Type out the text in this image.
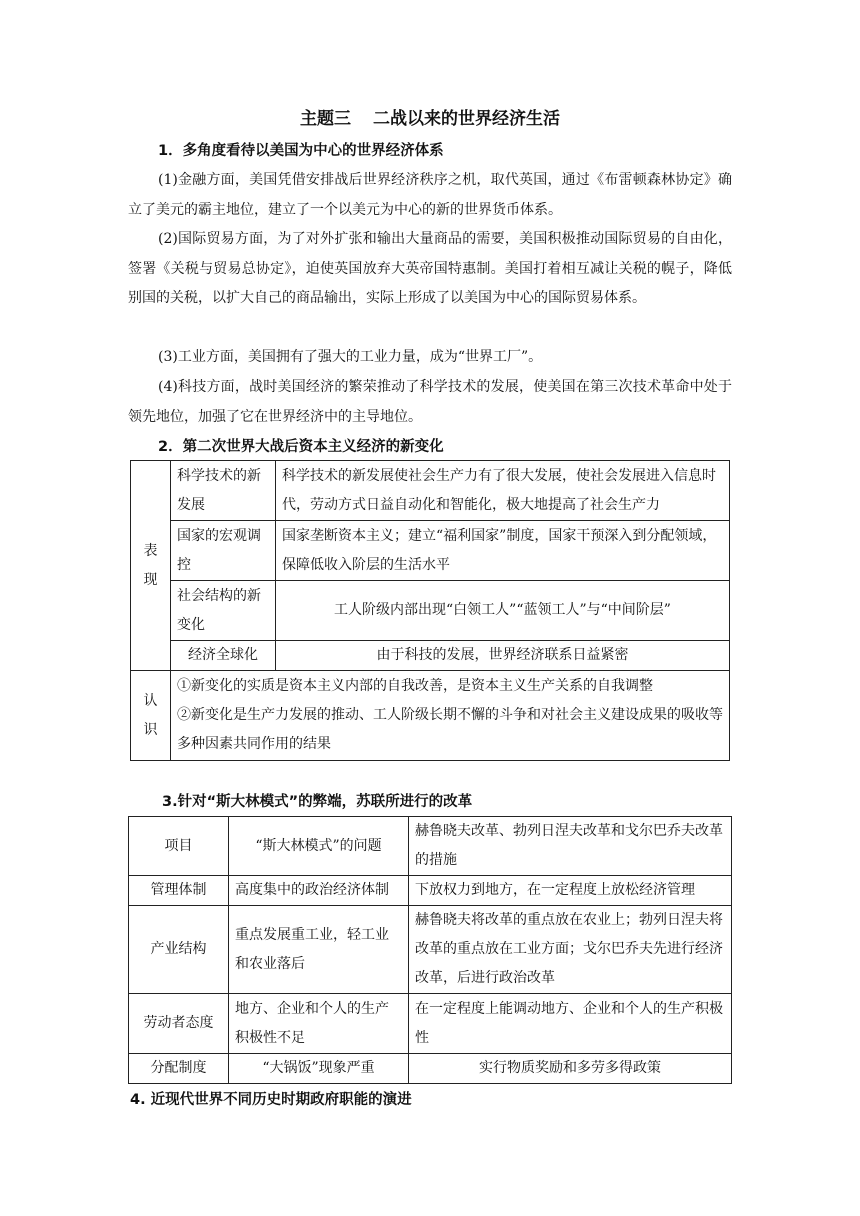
主题三 二战以来的世界经济生活
1．多角度看待以美国为中心的世界经济体系

(1)金融方面，美国凭借安排战后世界经济秩序之机，取代英国，通过《布雷顿森林协定》确立了美元的霸主地位，建立了一个以美元为中心的新的世界货币体系。

(2)国际贸易方面，为了对外扩张和输出大量商品的需要，美国积极推动国际贸易的自由化，签署《关税与贸易总协定》，迫使英国放弃大英帝国特惠制。美国打着相互减让关税的幌子，降低别国的关税，以扩大自己的商品输出，实际上形成了以美国为中心的国际贸易体系。

(3)工业方面，美国拥有了强大的工业力量，成为“世界工厂”。

(4)科技方面，战时美国经济的繁荣推动了科学技术的发展，使美国在第三次技术革命中处于领先地位，加强了它在世界经济中的主导地位。

2．第二次世界大战后资本主义经济的新变化
表现	科学技术的新发展	科学技术的新发展使社会生产力有了很大发展，使社会发展进入信息时代，劳动方式日益自动化和智能化，极大地提高了社会生产力
	国家的宏观调控	国家垄断资本主义；建立“福利国家”制度，国家干预深入到分配领域，保障低收入阶层的生活水平
	社会结构的新变化	工人阶级内部出现“白领工人”“蓝领工人”与“中间阶层”
	经济全球化	由于科技的发展，世界经济联系日益紧密
认识	①新变化的实质是资本主义内部的自我改善，是资本主义生产关系的自我调整
②新变化是生产力发展的推动、工人阶级长期不懈的斗争和对社会主义建设成果的吸收等多种因素共同作用的结果	
3.针对“斯大林模式”的弊端，苏联所进行的改革
项目	“斯大林模式”的问题	赫鲁晓夫改革、勃列日涅夫改革和戈尔巴乔夫改革的措施
管理体制	高度集中的政治经济体制	下放权力到地方，在一定程度上放松经济管理
产业结构	重点发展重工业，轻工业和农业落后	赫鲁晓夫将改革的重点放在农业上；勃列日涅夫将改革的重点放在工业方面；戈尔巴乔夫先进行经济改革，后进行政治改革
劳动者态度	地方、企业和个人的生产积极性不足	在一定程度上能调动地方、企业和个人的生产积极性
分配制度	“大锅饭”现象严重	实行物质奖励和多劳多得政策
4. 近现代世界不同历史时期政府职能的演进
